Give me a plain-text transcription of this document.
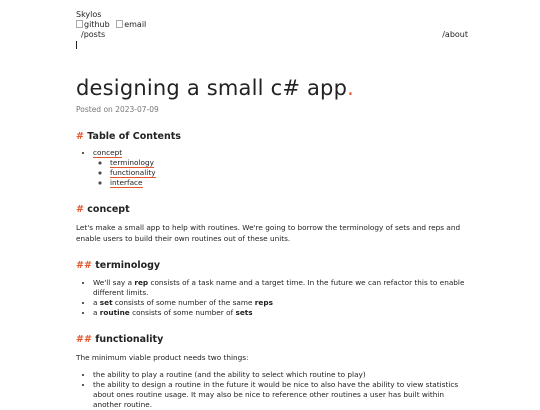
Skylos
github email
/posts	/about
designing a small c# app.
Posted on 2023-07-09
# Table of Contents
• concept
◦ terminology
◦ functionality
◦ interface
# concept

Let's make a small app to help with routines. We're going to borrow the terminology of sets and reps and enable users to build their own routines out of these units.

## terminology
• We'll say a rep consists of a task name and a target time. In the future we can refactor this to enable different limits.
• a set consists of some number of the same reps
• a routine consists of some number of sets
## functionality

The minimum viable product needs two things:

• the ability to play a routine (and the ability to select which routine to play)
• the ability to design a routine in the future it would be nice to also have the ability to view statistics about ones routine usage. It may also be nice to reference other routines a user has built within another routine.
